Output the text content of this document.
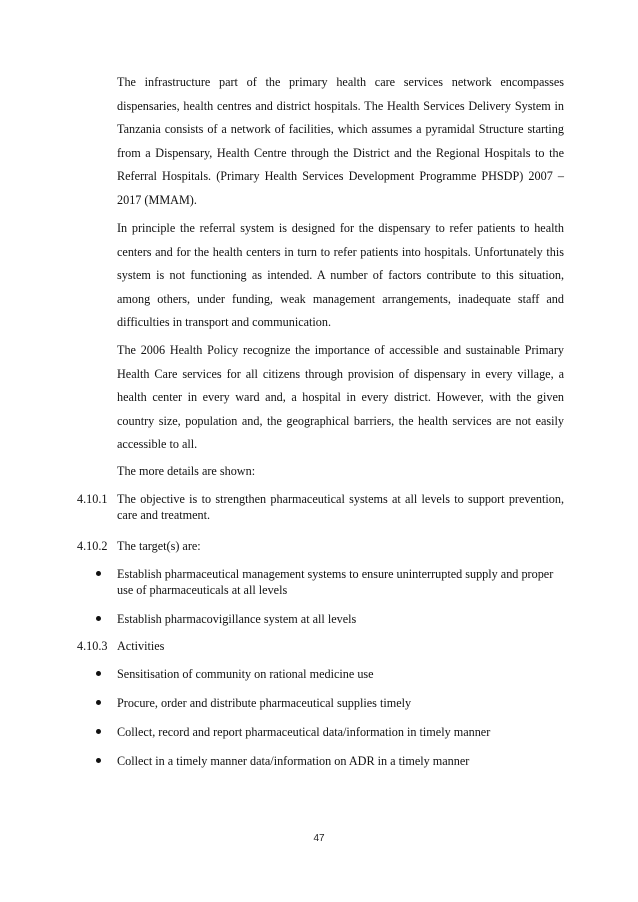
The infrastructure part of the primary health care services network encompasses dispensaries, health centres and district hospitals. The Health Services Delivery System in Tanzania consists of a network of facilities, which assumes a pyramidal Structure starting from a Dispensary, Health Centre through the District and the Regional Hospitals to the Referral Hospitals. (Primary Health Services Development Programme PHSDP) 2007 – 2017 (MMAM).

In principle the referral system is designed for the dispensary to refer patients to health centers and for the health centers in turn to refer patients into hospitals. Unfortunately this system is not functioning as intended. A number of factors contribute to this situation, among others, under funding, weak management arrangements, inadequate staff and difficulties in transport and communication.

The 2006 Health Policy recognize the importance of accessible and sustainable Primary Health Care services for all citizens through provision of dispensary in every village, a health center in every ward and, a hospital in every district. However, with the given country size, population and, the geographical barriers, the health services are not easily accessible to all.

The more details are shown:

4.10.1 The objective is to strengthen pharmaceutical systems at all levels to support prevention, care and treatment.

4.10.2 The target(s) are:

Establish pharmaceutical management systems to ensure uninterrupted supply and proper use of pharmaceuticals at all levels

Establish pharmacovigillance system at all levels

4.10.3 Activities

Sensitisation of community on rational medicine use

Procure, order and distribute pharmaceutical supplies timely

Collect, record and report pharmaceutical data/information in timely manner

Collect in a timely manner data/information on ADR in a timely manner

47
